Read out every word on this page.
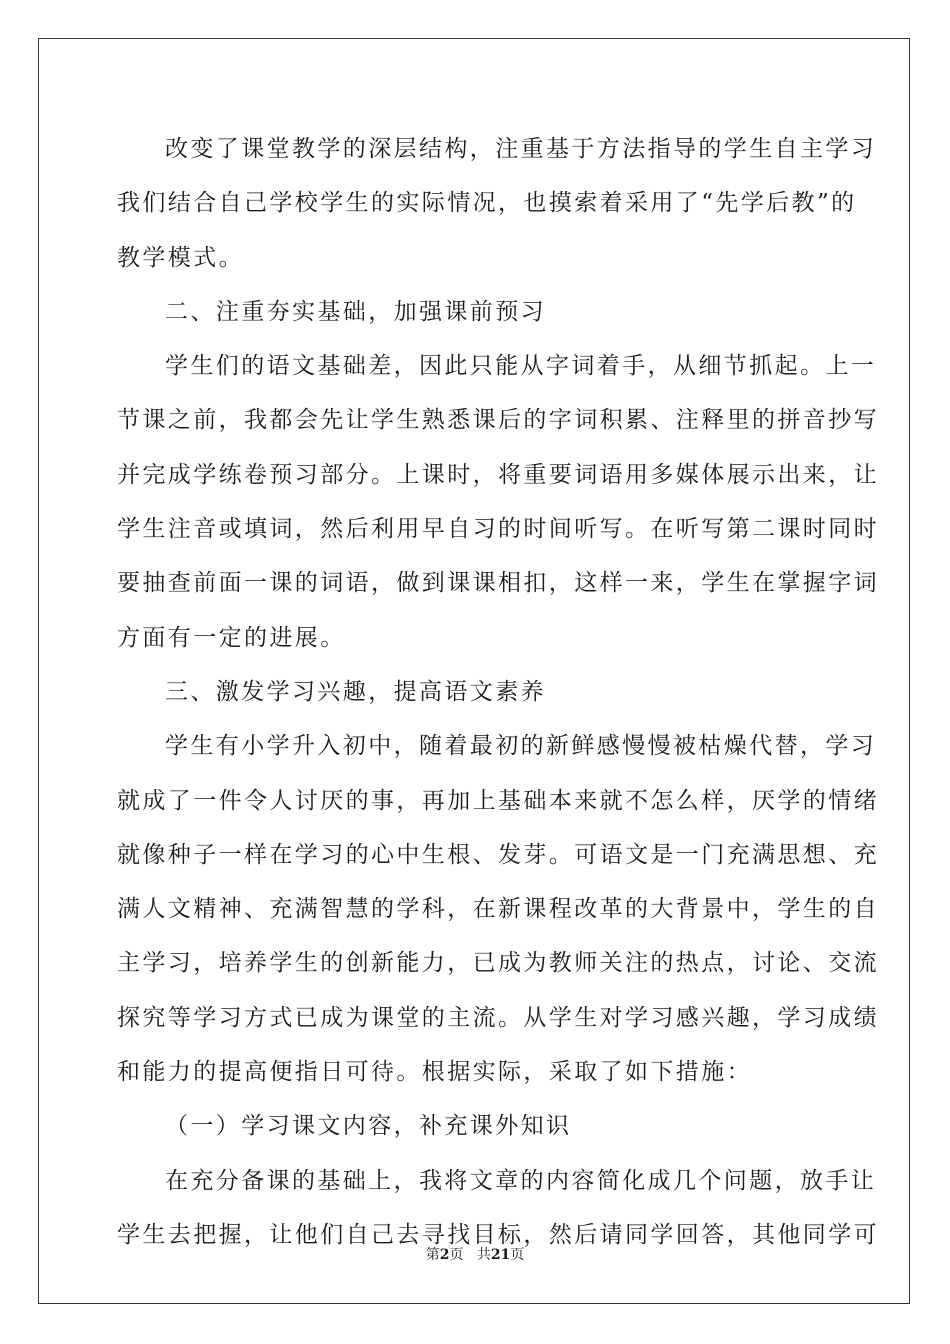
改变了课堂教学的深层结构，注重基于方法指导的学生自主学习
我们结合自己学校学生的实际情况，也摸索着采用了“先学后教”的
教学模式。
二、注重夯实基础，加强课前预习
学生们的语文基础差，因此只能从字词着手，从细节抓起。上一
节课之前，我都会先让学生熟悉课后的字词积累、注释里的拼音抄写
并完成学练卷预习部分。上课时，将重要词语用多媒体展示出来，让
学生注音或填词，然后利用早自习的时间听写。在听写第二课时同时
要抽查前面一课的词语，做到课课相扣，这样一来，学生在掌握字词
方面有一定的进展。
三、激发学习兴趣，提高语文素养
学生有小学升入初中，随着最初的新鲜感慢慢被枯燥代替，学习
就成了一件令人讨厌的事，再加上基础本来就不怎么样，厌学的情绪
就像种子一样在学习的心中生根、发芽。可语文是一门充满思想、充
满人文精神、充满智慧的学科，在新课程改革的大背景中，学生的自
主学习，培养学生的创新能力，已成为教师关注的热点，讨论、交流
探究等学习方式已成为课堂的主流。从学生对学习感兴趣，学习成绩
和能力的提高便指日可待。根据实际，采取了如下措施：
（一）学习课文内容，补充课外知识
在充分备课的基础上，我将文章的内容简化成几个问题，放手让
学生去把握，让他们自己去寻找目标，然后请同学回答，其他同学可
第2页 共21页
